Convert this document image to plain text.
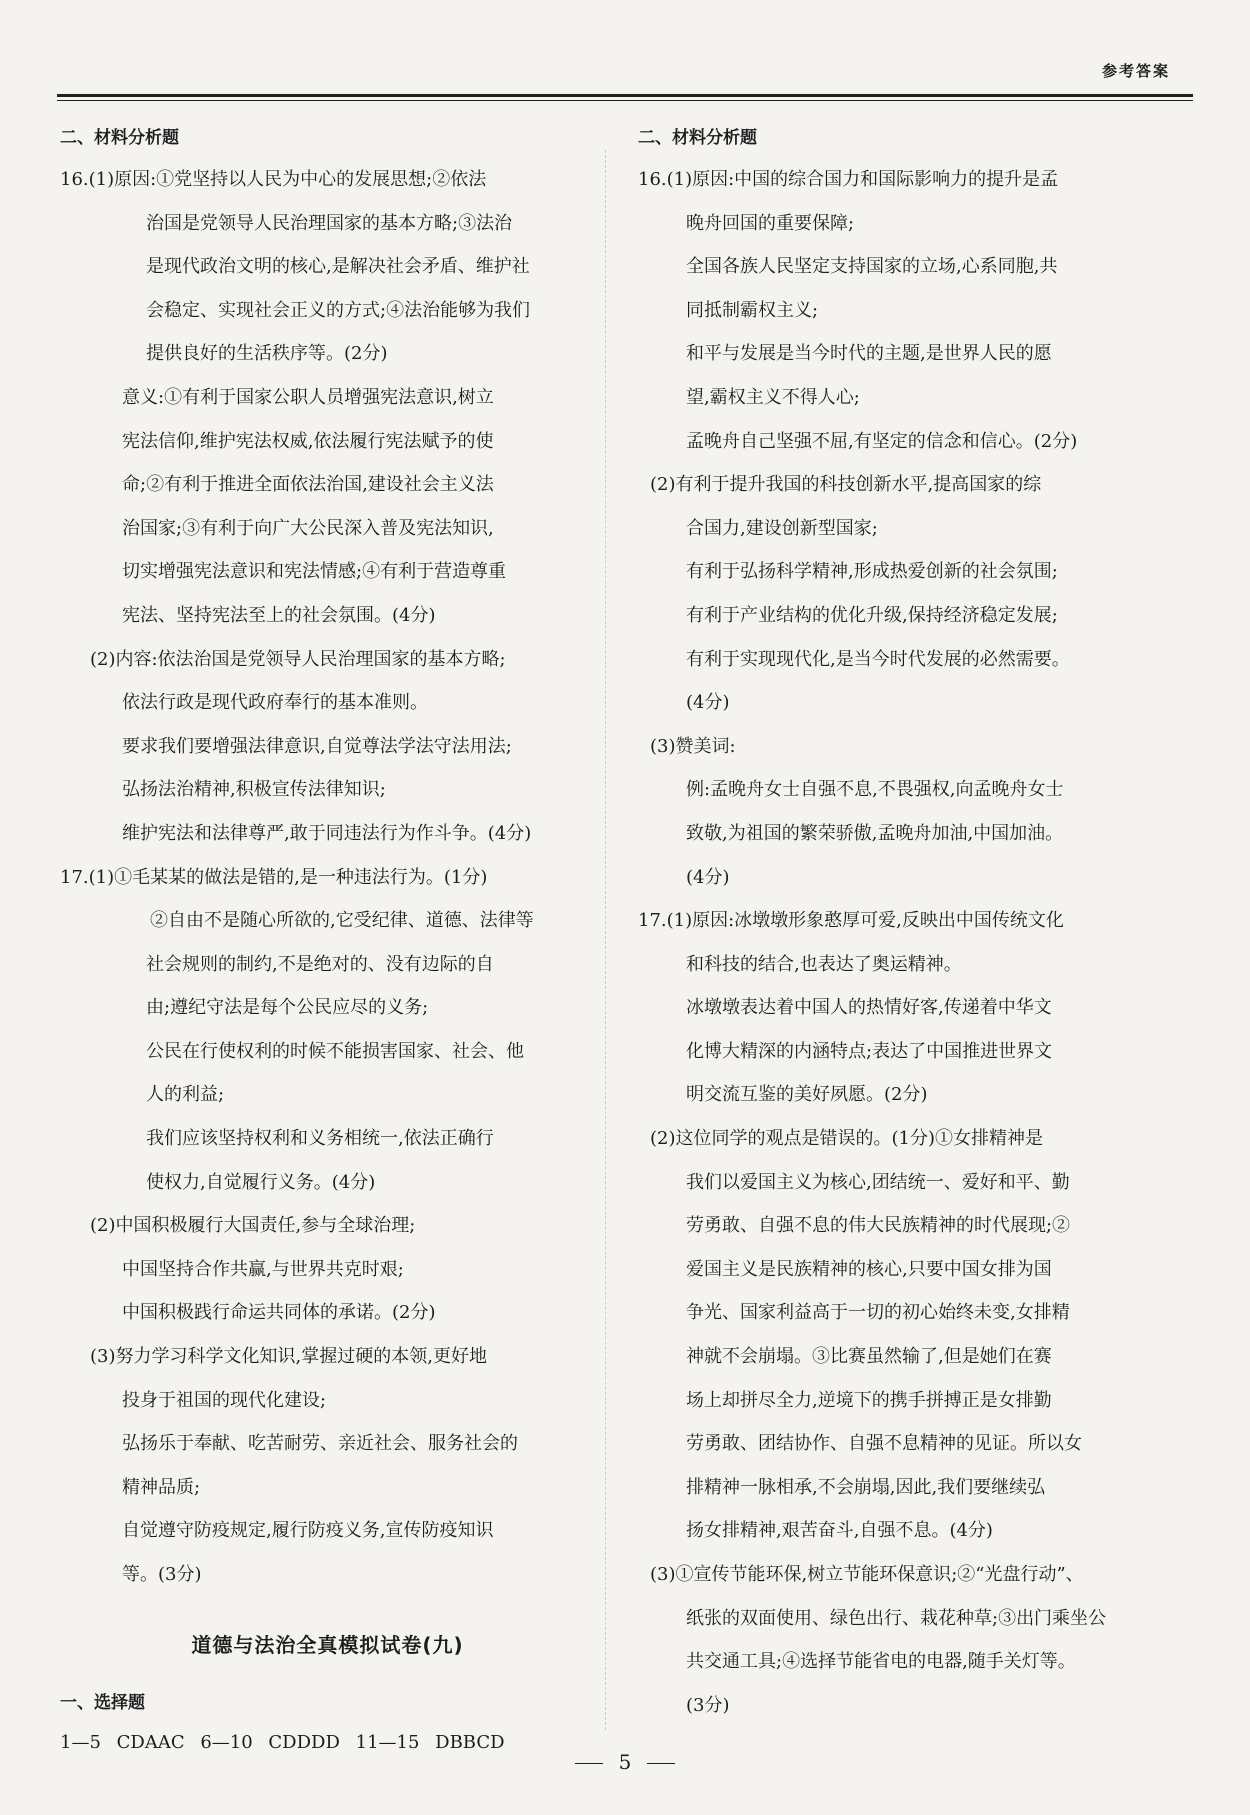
参考答案
二、材料分析题
16.(1)原因:①党坚持以人民为中心的发展思想;②依法
治国是党领导人民治理国家的基本方略;③法治
是现代政治文明的核心,是解决社会矛盾、维护社
会稳定、实现社会正义的方式;④法治能够为我们
提供良好的生活秩序等。(2分)
意义:①有利于国家公职人员增强宪法意识,树立
宪法信仰,维护宪法权威,依法履行宪法赋予的使
命;②有利于推进全面依法治国,建设社会主义法
治国家;③有利于向广大公民深入普及宪法知识,
切实增强宪法意识和宪法情感;④有利于营造尊重
宪法、坚持宪法至上的社会氛围。(4分)
(2)内容:依法治国是党领导人民治理国家的基本方略;
依法行政是现代政府奉行的基本准则。
要求我们要增强法律意识,自觉尊法学法守法用法;
弘扬法治精神,积极宣传法律知识;
维护宪法和法律尊严,敢于同违法行为作斗争。(4分)
17.(1)①毛某某的做法是错的,是一种违法行为。(1分)
②自由不是随心所欲的,它受纪律、道德、法律等
社会规则的制约,不是绝对的、没有边际的自
由;遵纪守法是每个公民应尽的义务;
公民在行使权利的时候不能损害国家、社会、他
人的利益;
我们应该坚持权利和义务相统一,依法正确行
使权力,自觉履行义务。(4分)
(2)中国积极履行大国责任,参与全球治理;
中国坚持合作共赢,与世界共克时艰;
中国积极践行命运共同体的承诺。(2分)
(3)努力学习科学文化知识,掌握过硬的本领,更好地
投身于祖国的现代化建设;
弘扬乐于奉献、吃苦耐劳、亲近社会、服务社会的
精神品质;
自觉遵守防疫规定,履行防疫义务,宣传防疫知识
等。(3分)
道德与法治全真模拟试卷(九)
一、选择题
1—5 CDAAC 6—10 CDDDD 11—15 DBBCD
二、材料分析题
16.(1)原因:中国的综合国力和国际影响力的提升是孟
晚舟回国的重要保障;
全国各族人民坚定支持国家的立场,心系同胞,共
同抵制霸权主义;
和平与发展是当今时代的主题,是世界人民的愿
望,霸权主义不得人心;
孟晚舟自己坚强不屈,有坚定的信念和信心。(2分)
(2)有利于提升我国的科技创新水平,提高国家的综
合国力,建设创新型国家;
有利于弘扬科学精神,形成热爱创新的社会氛围;
有利于产业结构的优化升级,保持经济稳定发展;
有利于实现现代化,是当今时代发展的必然需要。
(4分)
(3)赞美词:
例:孟晚舟女士自强不息,不畏强权,向孟晚舟女士
致敬,为祖国的繁荣骄傲,孟晚舟加油,中国加油。
(4分)
17.(1)原因:冰墩墩形象憨厚可爱,反映出中国传统文化
和科技的结合,也表达了奥运精神。
冰墩墩表达着中国人的热情好客,传递着中华文
化博大精深的内涵特点;表达了中国推进世界文
明交流互鉴的美好夙愿。(2分)
(2)这位同学的观点是错误的。(1分)①女排精神是
我们以爱国主义为核心,团结统一、爱好和平、勤
劳勇敢、自强不息的伟大民族精神的时代展现;②
爱国主义是民族精神的核心,只要中国女排为国
争光、国家利益高于一切的初心始终未变,女排精
神就不会崩塌。③比赛虽然输了,但是她们在赛
场上却拼尽全力,逆境下的携手拼搏正是女排勤
劳勇敢、团结协作、自强不息精神的见证。所以女
排精神一脉相承,不会崩塌,因此,我们要继续弘
扬女排精神,艰苦奋斗,自强不息。(4分)
(3)①宣传节能环保,树立节能环保意识;②“光盘行动”、
纸张的双面使用、绿色出行、栽花种草;③出门乘坐公
共交通工具;④选择节能省电的电器,随手关灯等。
(3分)
5
